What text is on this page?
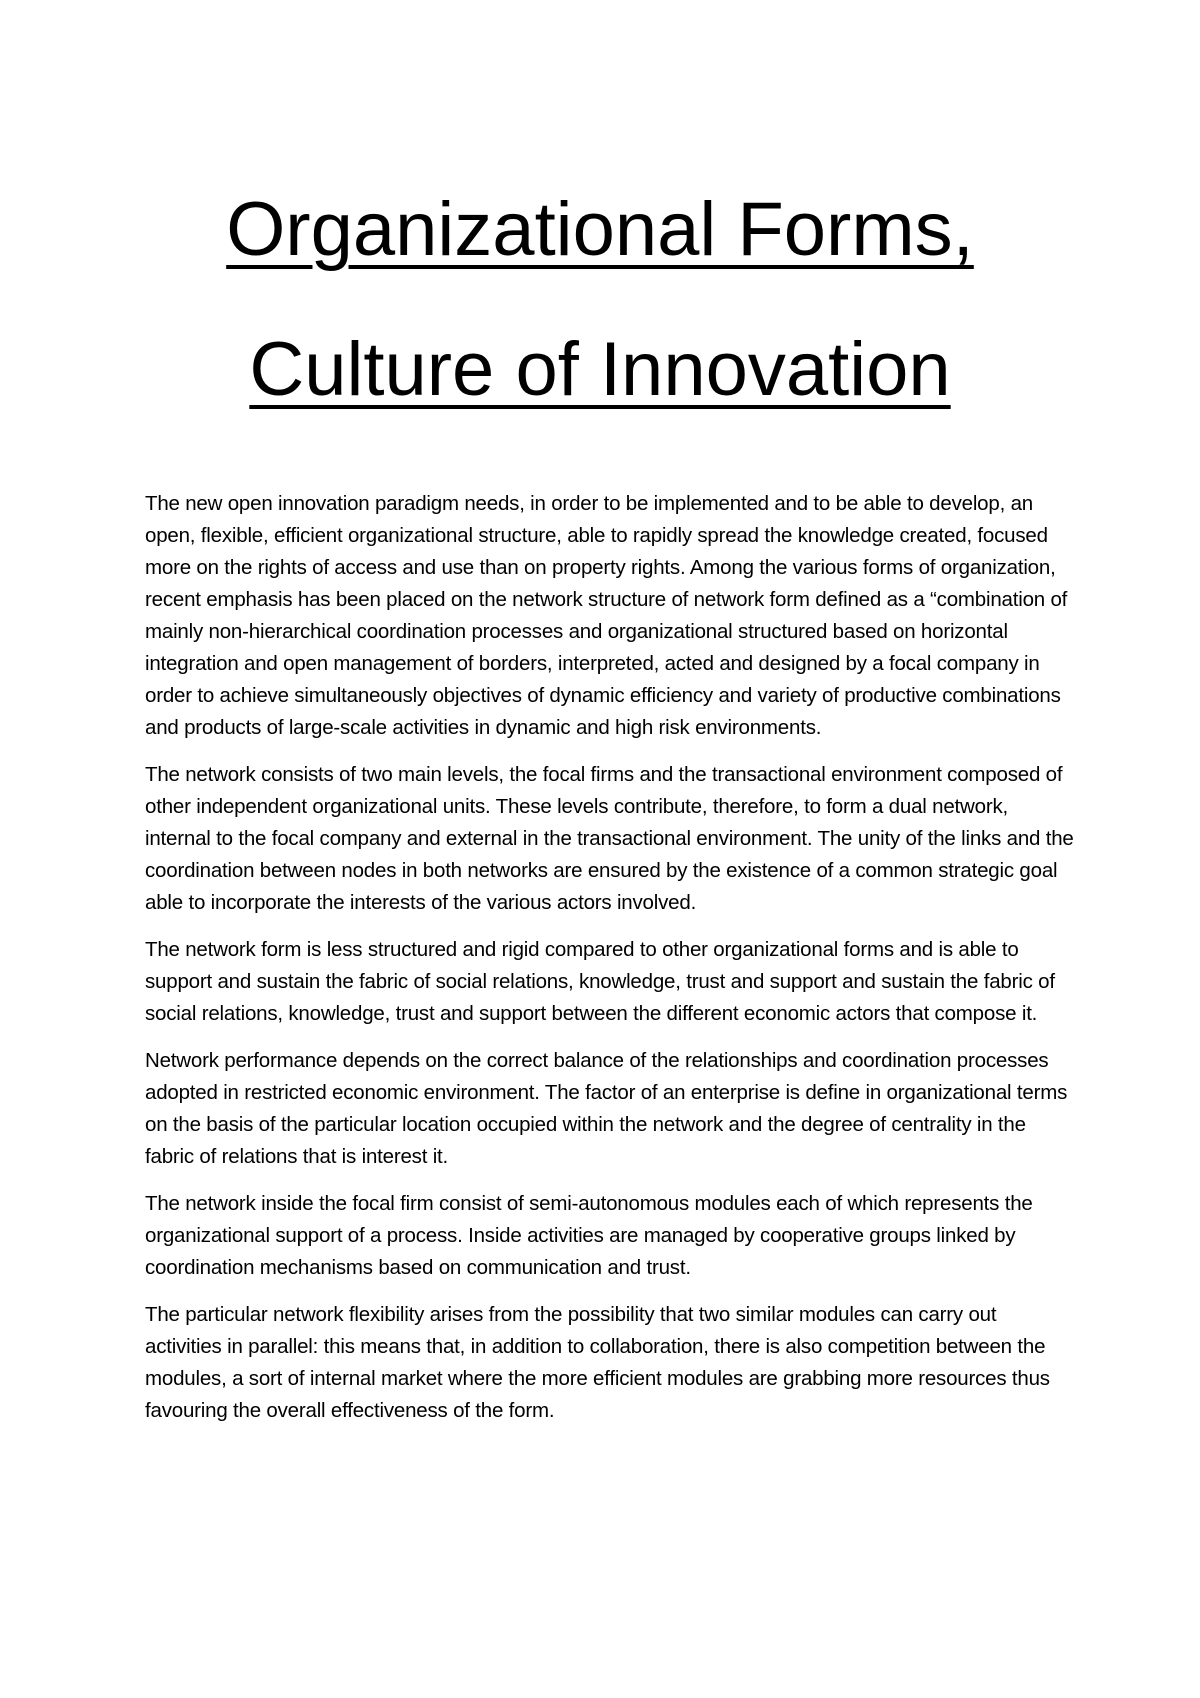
Organizational Forms,
Culture of Innovation

The new open innovation paradigm needs, in order to be implemented and to be able to develop, an open, flexible, efficient organizational structure, able to rapidly spread the knowledge created, focused more on the rights of access and use than on property rights. Among the various forms of organization, recent emphasis has been placed on the network structure of network form defined as a “combination of mainly non-hierarchical coordination processes and organizational structured based on horizontal integration and open management of borders, interpreted, acted and designed by a focal company in order to achieve simultaneously objectives of dynamic efficiency and variety of productive combinations and products of large-scale activities in dynamic and high risk environments.

The network consists of two main levels, the focal firms and the transactional environment composed of other independent organizational units. These levels contribute, therefore, to form a dual network, internal to the focal company and external in the transactional environment. The unity of the links and the coordination between nodes in both networks are ensured by the existence of a common strategic goal able to incorporate the interests of the various actors involved.

The network form is less structured and rigid compared to other organizational forms and is able to support and sustain the fabric of social relations, knowledge, trust and support and sustain the fabric of social relations, knowledge, trust and support between the different economic actors that compose it.

Network performance depends on the correct balance of the relationships and coordination processes adopted in restricted economic environment. The factor of an enterprise is define in organizational terms on the basis of the particular location occupied within the network and the degree of centrality in the fabric of relations that is interest it.

The network inside the focal firm consist of semi-autonomous modules each of which represents the organizational support of a process. Inside activities are managed by cooperative groups linked by coordination mechanisms based on communication and trust.

The particular network flexibility arises from the possibility that two similar modules can carry out activities in parallel: this means that, in addition to collaboration, there is also competition between the modules, a sort of internal market where the more efficient modules are grabbing more resources thus favouring the overall effectiveness of the form.
